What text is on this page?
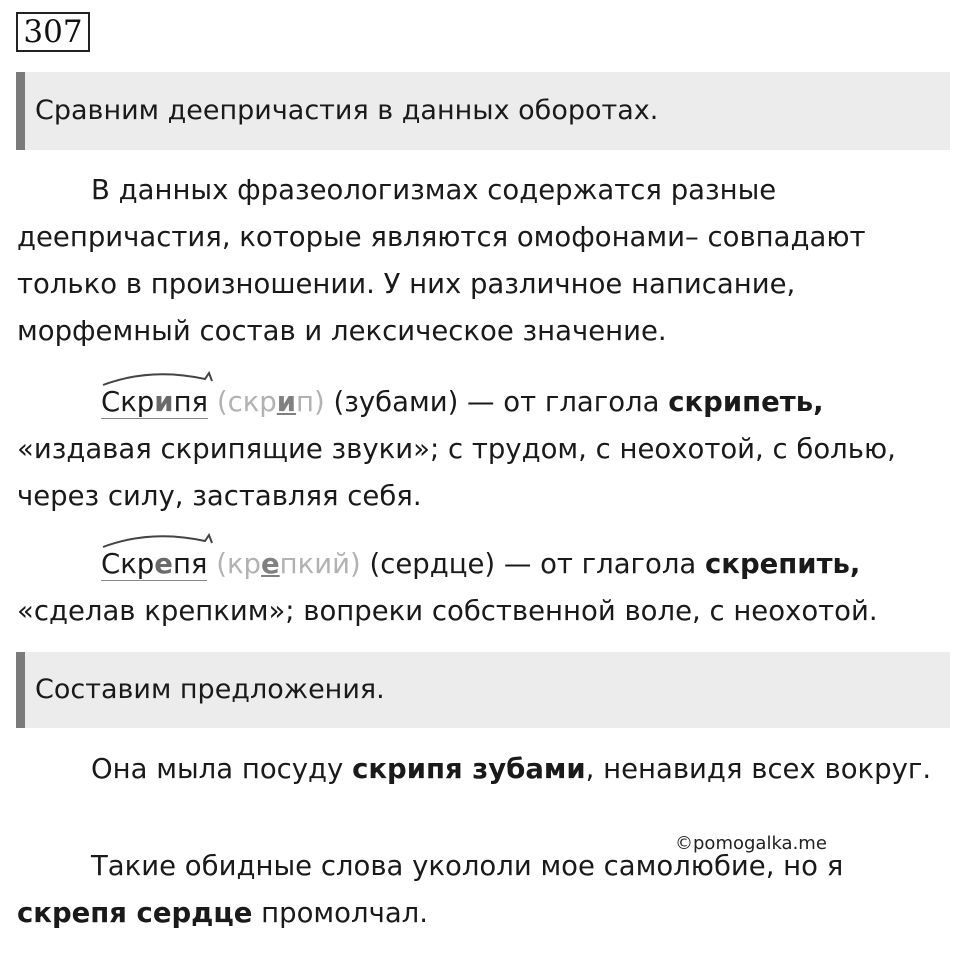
307
Сравним деепричастия в данных оборотах.
В данных фразеологизмах содержатся разные деепричастия, которые являются омофонами– совпадают только в произношении. У них различное написание, морфемный состав и лексическое значение.
Скрипя (скрип) (зубами) — от глагола скрипеть, «издавая скрипящие звуки»; с трудом, с неохотой, с болью, через силу, заставляя себя.
Скрепя (крепкий) (сердце) — от глагола скрепить, «сделав крепким»; вопреки собственной воле, с неохотой.
Составим предложения.
Она мыла посуду скрипя зубами, ненавидя всех вокруг.
Такие обидные слова укололи мое самолюбие, но я скрепя сердце промолчал.
©pomogalka.me
